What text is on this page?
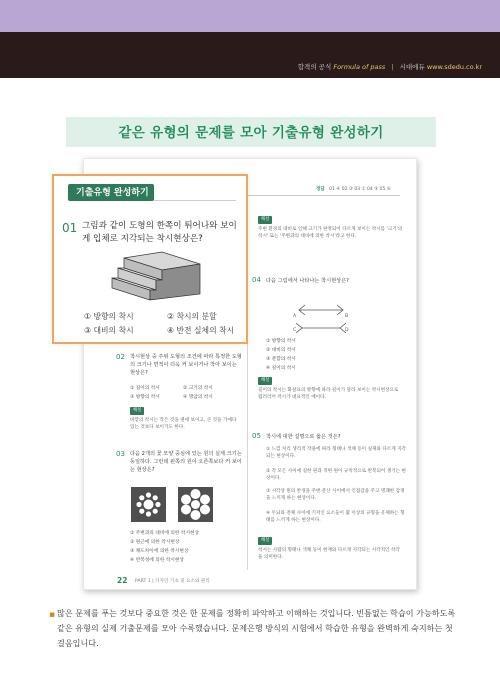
합격의 공식 Formula of pass | 시대에듀 www.sdedu.co.kr
같은 유형의 문제를 모아 기출유형 완성하기
정답 01 ④ 02 ③ 03 ① 04 ③ 05 ⑤
02 착시현상 중 주위 도형의 조건에 따라 특정한 도형의 크기나 면적이 더욱 커 보이거나 작아 보이는 현상은?
① 길이의 착시	② 크기의 착시
③ 방향의 착시	④ 명암의 착시
해설
바깥의 착시는 작은 것을 옆에 보이고, 큰 것을 가에다 있는 것보다 보이기도 한다.
03 다음 2개의 꽃 모양 중심에 있는 원의 실제 크기는 동일하다. 그런데 왼쪽의 원이 오른쪽보다 커 보이는 현상은?
① 주변과의 대비에 의한 착시현상
② 원근에 의한 착시현상
③ 채도차이에 의한 착시현상
④ 반복성에 의한 착시현상
해설
주변 환경의 대비로 인해 크기가 판정되어 다르게 보이는 착시를 '크기'의 착시' 또는 '주변과의 대비에 의한 착시'라고 한다.
04 다음 그림에서 나타나는 착시현상은?
A	B
C	D
① 방향의 착시
② 대비의 착시
③ 분할의 착시
④ 길이의 착시
해설
길이의 착시는 화살표의 방향에 따라 길이가 달라 보이는 착시현상으로 뮐러리어 착시가 대표적인 예이다.
05 착시에 대한 설명으로 옳은 것은?
① 느낌 처리 생리적 작용에 따라 형태나 색채 등이 실제와 다르게 지각되는 현상이다.
② 각 모든 사이에 길한 원과 직한 원이 규칙적으로 반복되어 생기는 현상이다.
③ 시각상 원의 반경을 주변 분산 사이에서 인접감을 주고 명쾌한 감정을 느끼게 하는 현상이다.
④ 두뇌와 전체 사이에 기저인 요소들이 몇 이상의 규형을 유체하는 형태를 느끼게 하는 현상이다.
해설
착시는 사람의 형태나 색채 등이 현재와 다르게 지각되는 시각적인 착각을 의미한다.
22 PART 1 | 디자인 기초 및 요소와 원리
기출유형 완성하기
01 그림과 같이 도형의 한쪽이 튀어나와 보이게 입체로 지각되는 착시현상은?
① 방향의 착시	② 착시의 분할
③ 대비의 착시	④ 반전 실체의 착시
▪ 많은 문제를 푸는 것보다 중요한 것은 한 문제를 정확히 파악하고 이해하는 것입니다. 빈틈없는 학습이 가능하도록 같은 유형의 실제 기출문제를 모아 수록했습니다. 문제은행 방식의 시험에서 학습한 유형을 완벽하게 숙지하는 첫 걸음입니다.
